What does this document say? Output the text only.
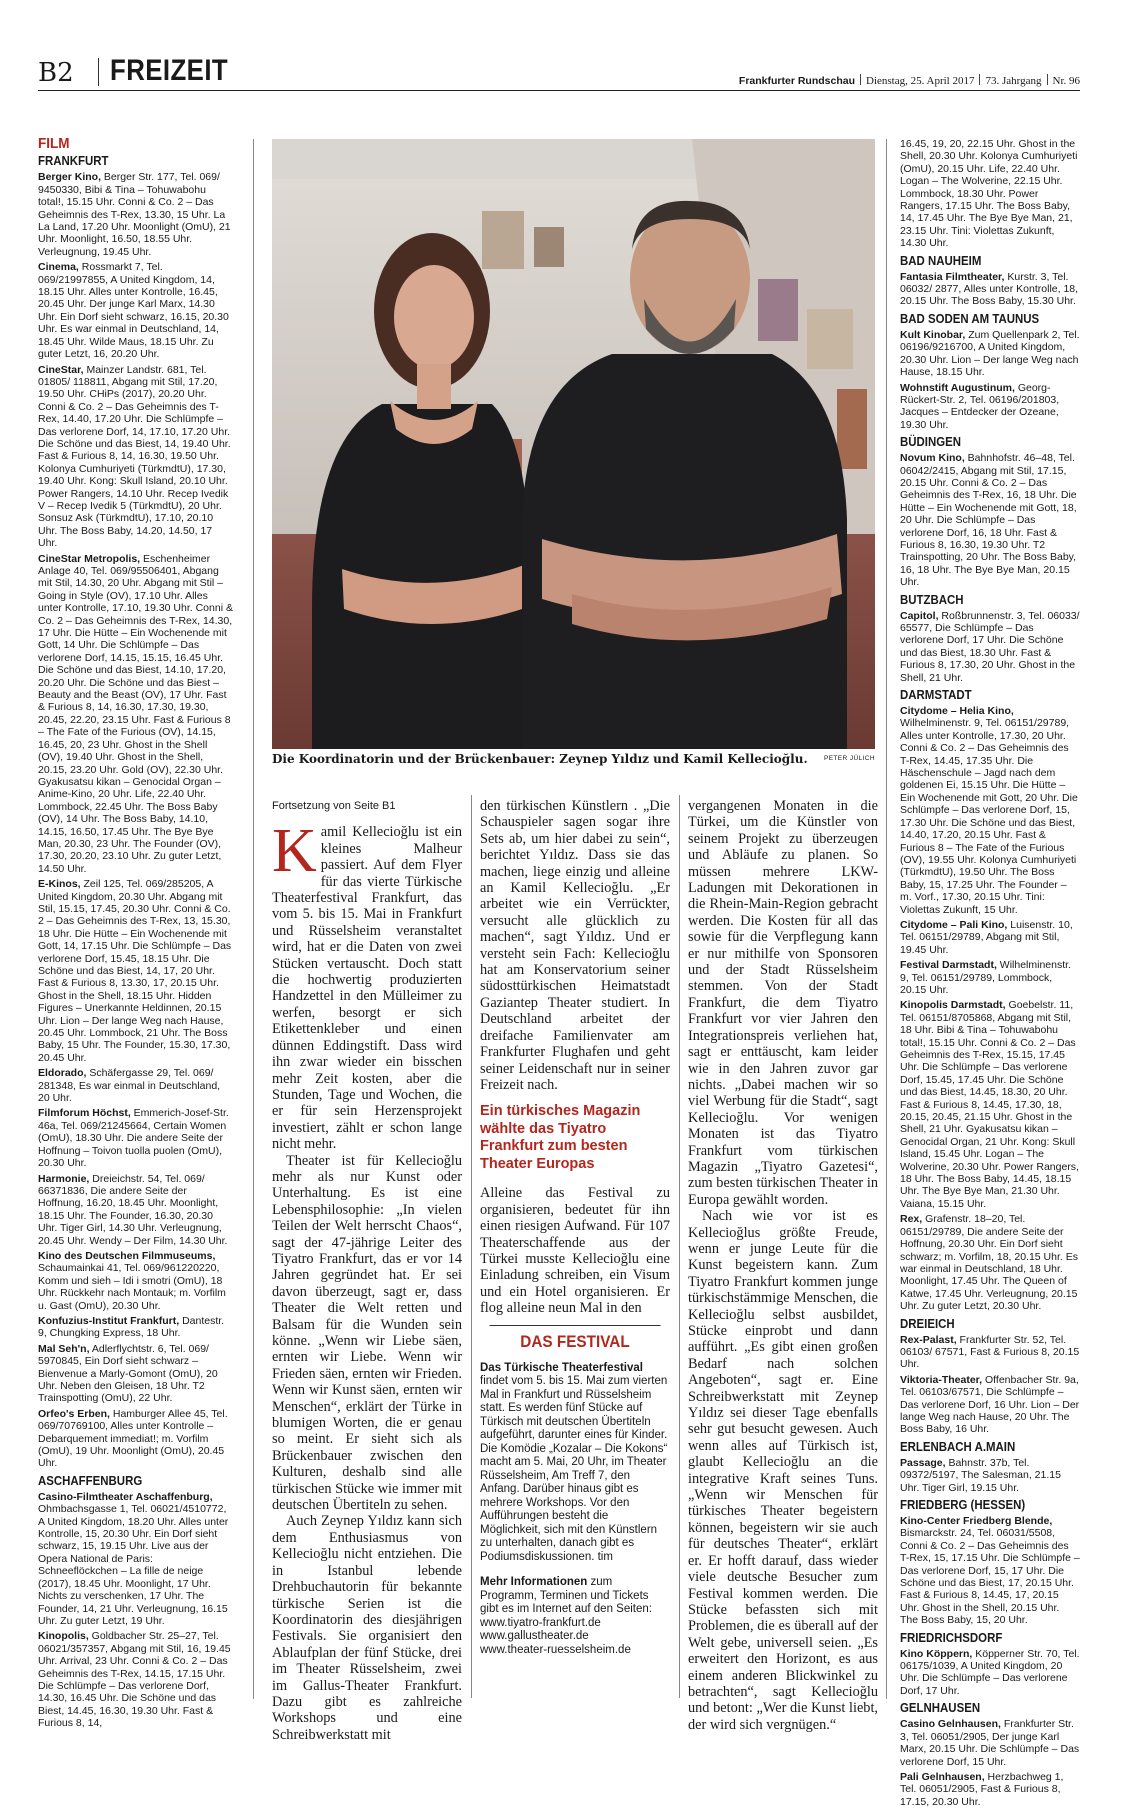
B2 FREIZEIT	Frankfurter Rundschau Dienstag, 25. April 2017 73. Jahrgang Nr. 96
FILM
FRANKFURT

Berger Kino, Berger Str. 177, Tel. 069/ 9450330, Bibi & Tina – Tohuwabohu total!, 15.15 Uhr. Conni & Co. 2 – Das Geheimnis des T-Rex, 13.30, 15 Uhr. La La Land, 17.20 Uhr. Moonlight (OmU), 21 Uhr. Moonlight, 16.50, 18.55 Uhr. Verleugnung, 19.45 Uhr.

Cinema, Rossmarkt 7, Tel. 069/21997855, A United Kingdom, 14, 18.15 Uhr. Alles unter Kontrolle, 16.45, 20.45 Uhr. Der junge Karl Marx, 14.30 Uhr. Ein Dorf sieht schwarz, 16.15, 20.30 Uhr. Es war einmal in Deutschland, 14, 18.45 Uhr. Wilde Maus, 18.15 Uhr. Zu guter Letzt, 16, 20.20 Uhr.

CineStar, Mainzer Landstr. 681, Tel. 01805/ 118811, Abgang mit Stil, 17.20, 19.50 Uhr. CHiPs (2017), 20.20 Uhr. Conni & Co. 2 – Das Geheimnis des T-Rex, 14.40, 17.20 Uhr. Die Schlümpfe – Das verlorene Dorf, 14, 17.10, 17.20 Uhr. Die Schöne und das Biest, 14, 19.40 Uhr. Fast & Furious 8, 14, 16.30, 19.50 Uhr. Kolonya Cumhuriyeti (TürkmdtU), 17.30, 19.40 Uhr. Kong: Skull Island, 20.10 Uhr. Power Rangers, 14.10 Uhr. Recep Ivedik V – Recep Ivedik 5 (TürkmdtU), 20 Uhr. Sonsuz Ask (TürkmdtU), 17.10, 20.10 Uhr. The Boss Baby, 14.20, 14.50, 17 Uhr.

CineStar Metropolis, Eschenheimer Anlage 40, Tel. 069/95506401, Abgang mit Stil, 14.30, 20 Uhr. Abgang mit Stil – Going in Style (OV), 17.10 Uhr. Alles unter Kontrolle, 17.10, 19.30 Uhr. Conni & Co. 2 – Das Geheimnis des T-Rex, 14.30, 17 Uhr. Die Hütte – Ein Wochenende mit Gott, 14 Uhr. Die Schlümpfe – Das verlorene Dorf, 14.15, 15.15, 16.45 Uhr. Die Schöne und das Biest, 14.10, 17.20, 20.20 Uhr. Die Schöne und das Biest – Beauty and the Beast (OV), 17 Uhr. Fast & Furious 8, 14, 16.30, 17.30, 19.30, 20.45, 22.20, 23.15 Uhr. Fast & Furious 8 – The Fate of the Furious (OV), 14.15, 16.45, 20, 23 Uhr. Ghost in the Shell (OV), 19.40 Uhr. Ghost in the Shell, 20.15, 23.20 Uhr. Gold (OV), 22.30 Uhr. Gyakusatsu kikan – Genocidal Organ – Anime-Kino, 20 Uhr. Life, 22.40 Uhr. Lommbock, 22.45 Uhr. The Boss Baby (OV), 14 Uhr. The Boss Baby, 14.10, 14.15, 16.50, 17.45 Uhr. The Bye Bye Man, 20.30, 23 Uhr. The Founder (OV), 17.30, 20.20, 23.10 Uhr. Zu guter Letzt, 14.50 Uhr.

E-Kinos, Zeil 125, Tel. 069/285205, A United Kingdom, 20.30 Uhr. Abgang mit Stil, 15.15, 17.45, 20.30 Uhr. Conni & Co. 2 – Das Geheimnis des T-Rex, 13, 15.30, 18 Uhr. Die Hütte – Ein Wochenende mit Gott, 14, 17.15 Uhr. Die Schlümpfe – Das verlorene Dorf, 15.45, 18.15 Uhr. Die Schöne und das Biest, 14, 17, 20 Uhr. Fast & Furious 8, 13.30, 17, 20.15 Uhr. Ghost in the Shell, 18.15 Uhr. Hidden Figures – Unerkannte Heldinnen, 20.15 Uhr. Lion – Der lange Weg nach Hause, 20.45 Uhr. Lommbock, 21 Uhr. The Boss Baby, 15 Uhr. The Founder, 15.30, 17.30, 20.45 Uhr.

Eldorado, Schäfergasse 29, Tel. 069/ 281348, Es war einmal in Deutschland, 20 Uhr.

Filmforum Höchst, Emmerich-Josef-Str. 46a, Tel. 069/21245664, Certain Women (OmU), 18.30 Uhr. Die andere Seite der Hoffnung – Toivon tuolla puolen (OmU), 20.30 Uhr.

Harmonie, Dreieichstr. 54, Tel. 069/ 66371836, Die andere Seite der Hoffnung, 16.20, 18.45 Uhr. Moonlight, 18.15 Uhr. The Founder, 16.30, 20.30 Uhr. Tiger Girl, 14.30 Uhr. Verleugnung, 20.45 Uhr. Wendy – Der Film, 14.30 Uhr.

Kino des Deutschen Filmmuseums, Schaumainkai 41, Tel. 069/961220220, Komm und sieh – Idi i smotri (OmU), 18 Uhr. Rückkehr nach Montauk; m. Vorfilm u. Gast (OmU), 20.30 Uhr.

Konfuzius-Institut Frankfurt, Dantestr. 9, Chungking Express, 18 Uhr.

Mal Seh'n, Adlerflychtstr. 6, Tel. 069/ 5970845, Ein Dorf sieht schwarz – Bienvenue a Marly-Gomont (OmU), 20 Uhr. Neben den Gleisen, 18 Uhr. T2 Trainspotting (OmU), 22 Uhr.

Orfeo's Erben, Hamburger Allee 45, Tel. 069/70769100, Alles unter Kontrolle – Debarquement immediat!; m. Vorfilm (OmU), 19 Uhr. Moonlight (OmU), 20.45 Uhr.

ASCHAFFENBURG

Casino-Filmtheater Aschaffenburg, Ohmbachsgasse 1, Tel. 06021/4510772, A United Kingdom, 18.20 Uhr. Alles unter Kontrolle, 15, 20.30 Uhr. Ein Dorf sieht schwarz, 15, 19.15 Uhr. Live aus der Opera National de Paris: Schneeflöckchen – La fille de neige (2017), 18.45 Uhr. Moonlight, 17 Uhr. Nichts zu verschenken, 17 Uhr. The Founder, 14, 21 Uhr. Verleugnung, 16.15 Uhr. Zu guter Letzt, 19 Uhr.

Kinopolis, Goldbacher Str. 25–27, Tel. 06021/357357, Abgang mit Stil, 16, 19.45 Uhr. Arrival, 23 Uhr. Conni & Co. 2 – Das Geheimnis des T-Rex, 14.15, 17.15 Uhr. Die Schlümpfe – Das verlorene Dorf, 14.30, 16.45 Uhr. Die Schöne und das Biest, 14.45, 16.30, 19.30 Uhr. Fast & Furious 8, 14,

Die Koordinatorin und der Brückenbauer: Zeynep Yıldız und Kamil Kellecioğlu.	PETER JÜLICH
Fortsetzung von Seite B1

Kamil Kellecioğlu ist ein kleines Malheur passiert. Auf dem Flyer für das vierte Türkische Theaterfestival Frankfurt, das vom 5. bis 15. Mai in Frankfurt und Rüsselsheim veranstaltet wird, hat er die Daten von zwei Stücken vertauscht. Doch statt die hochwertig produzierten Handzettel in den Mülleimer zu werfen, besorgt er sich Etikettenkleber und einen dünnen Eddingstift. Dass wird ihn zwar wieder ein bisschen mehr Zeit kosten, aber die Stunden, Tage und Wochen, die er für sein Herzensprojekt investiert, zählt er schon lange nicht mehr.

Theater ist für Kellecioğlu mehr als nur Kunst oder Unterhaltung. Es ist eine Lebensphilosophie: „In vielen Teilen der Welt herrscht Chaos“, sagt der 47-jährige Leiter des Tiyatro Frankfurt, das er vor 14 Jahren gegründet hat. Er sei davon überzeugt, sagt er, dass Theater die Welt retten und Balsam für die Wunden sein könne. „Wenn wir Liebe säen, ernten wir Liebe. Wenn wir Frieden säen, ernten wir Frieden. Wenn wir Kunst säen, ernten wir Menschen“, erklärt der Türke in blumigen Worten, die er genau so meint. Er sieht sich als Brückenbauer zwischen den Kulturen, deshalb sind alle türkischen Stücke wie immer mit deutschen Übertiteln zu sehen.

Auch Zeynep Yıldız kann sich dem Enthusiasmus von Kellecioğlu nicht entziehen. Die in Istanbul lebende Drehbuchautorin für bekannte türkische Serien ist die Koordinatorin des diesjährigen Festivals. Sie organisiert den Ablaufplan der fünf Stücke, drei im Theater Rüsselsheim, zwei im Gallus-Theater Frankfurt. Dazu gibt es zahlreiche Workshops und eine Schreibwerkstatt mit

den türkischen Künstlern . „Die Schauspieler sagen sogar ihre Sets ab, um hier dabei zu sein“, berichtet Yıldız. Dass sie das machen, liege einzig und alleine an Kamil Kellecioğlu. „Er arbeitet wie ein Verrückter, versucht alle glücklich zu machen“, sagt Yıldız. Und er versteht sein Fach: Kellecioğlu hat am Konservatorium seiner südosttürkischen Heimatstadt Gaziantep Theater studiert. In Deutschland arbeitet der dreifache Familienvater am Frankfurter Flughafen und geht seiner Leidenschaft nur in seiner Freizeit nach.

Ein türkisches Magazin wählte das Tiyatro Frankfurt zum besten Theater Europas

Alleine das Festival zu organisieren, bedeutet für ihn einen riesigen Aufwand. Für 107 Theaterschaffende aus der Türkei musste Kellecioğlu eine Einladung schreiben, ein Visum und ein Hotel organisieren. Er flog alleine neun Mal in den

DAS FESTIVAL

Das Türkische Theaterfestival findet vom 5. bis 15. Mai zum vierten Mal in Frankfurt und Rüsselsheim statt. Es werden fünf Stücke auf Türkisch mit deutschen Übertiteln aufgeführt, darunter eines für Kinder. Die Komödie „Kozalar – Die Kokons“ macht am 5. Mai, 20 Uhr, im Theater Rüsselsheim, Am Treff 7, den Anfang. Darüber hinaus gibt es mehrere Workshops. Vor den Aufführungen besteht die Möglichkeit, sich mit den Künstlern zu unterhalten, danach gibt es Podiumsdiskussionen. tim

Mehr Informationen zum Programm, Terminen und Tickets gibt es im Internet auf den Seiten:
www.tiyatro-frankfurt.de
www.gallustheater.de
www.theater-ruesselsheim.de

vergangenen Monaten in die Türkei, um die Künstler von seinem Projekt zu überzeugen und Abläufe zu planen. So müssen mehrere LKW-Ladungen mit Dekorationen in die Rhein-Main-Region gebracht werden. Die Kosten für all das sowie für die Verpflegung kann er nur mithilfe von Sponsoren und der Stadt Rüsselsheim stemmen. Von der Stadt Frankfurt, die dem Tiyatro Frankfurt vor vier Jahren den Integrationspreis verliehen hat, sagt er enttäuscht, kam leider wie in den Jahren zuvor gar nichts. „Dabei machen wir so viel Werbung für die Stadt“, sagt Kellecioğlu. Vor wenigen Monaten ist das Tiyatro Frankfurt vom türkischen Magazin „Tiyatro Gazetesi“, zum besten türkischen Theater in Europa gewählt worden.

Nach wie vor ist es Kellecioğlus größte Freude, wenn er junge Leute für die Kunst begeistern kann. Zum Tiyatro Frankfurt kommen junge türkischstämmige Menschen, die Kellecioğlu selbst ausbildet, Stücke einprobt und dann aufführt. „Es gibt einen großen Bedarf nach solchen Angeboten“, sagt er. Eine Schreibwerkstatt mit Zeynep Yıldız sei dieser Tage ebenfalls sehr gut besucht gewesen. Auch wenn alles auf Türkisch ist, glaubt Kellecioğlu an die integrative Kraft seines Tuns. „Wenn wir Menschen für türkisches Theater begeistern können, begeistern wir sie auch für deutsches Theater“, erklärt er. Er hofft darauf, dass wieder viele deutsche Besucher zum Festival kommen werden. Die Stücke befassten sich mit Problemen, die es überall auf der Welt gebe, universell seien. „Es erweitert den Horizont, es aus einem anderen Blickwinkel zu betrachten“, sagt Kellecioğlu und betont: „Wer die Kunst liebt, der wird sich vergnügen.“

16.45, 19, 20, 22.15 Uhr. Ghost in the Shell, 20.30 Uhr. Kolonya Cumhuriyeti (OmU), 20.15 Uhr. Life, 22.40 Uhr. Logan – The Wolverine, 22.15 Uhr. Lommbock, 18.30 Uhr. Power Rangers, 17.15 Uhr. The Boss Baby, 14, 17.45 Uhr. The Bye Bye Man, 21, 23.15 Uhr. Tini: Violettas Zukunft, 14.30 Uhr.

BAD NAUHEIM

Fantasia Filmtheater, Kurstr. 3, Tel. 06032/ 2877, Alles unter Kontrolle, 18, 20.15 Uhr. The Boss Baby, 15.30 Uhr.

BAD SODEN AM TAUNUS

Kult Kinobar, Zum Quellenpark 2, Tel. 06196/9216700, A United Kingdom, 20.30 Uhr. Lion – Der lange Weg nach Hause, 18.15 Uhr.

Wohnstift Augustinum, Georg-Rückert-Str. 2, Tel. 06196/201803, Jacques – Entdecker der Ozeane, 19.30 Uhr.

BÜDINGEN

Novum Kino, Bahnhofstr. 46–48, Tel. 06042/2415, Abgang mit Stil, 17.15, 20.15 Uhr. Conni & Co. 2 – Das Geheimnis des T-Rex, 16, 18 Uhr. Die Hütte – Ein Wochenende mit Gott, 18, 20 Uhr. Die Schlümpfe – Das verlorene Dorf, 16, 18 Uhr. Fast & Furious 8, 16.30, 19.30 Uhr. T2 Trainspotting, 20 Uhr. The Boss Baby, 16, 18 Uhr. The Bye Bye Man, 20.15 Uhr.

BUTZBACH

Capitol, Roßbrunnenstr. 3, Tel. 06033/ 65577, Die Schlümpfe – Das verlorene Dorf, 17 Uhr. Die Schöne und das Biest, 18.30 Uhr. Fast & Furious 8, 17.30, 20 Uhr. Ghost in the Shell, 21 Uhr.

DARMSTADT

Citydome – Helia Kino, Wilhelminenstr. 9, Tel. 06151/29789, Alles unter Kontrolle, 17.30, 20 Uhr. Conni & Co. 2 – Das Geheimnis des T-Rex, 14.45, 17.35 Uhr. Die Häschenschule – Jagd nach dem goldenen Ei, 15.15 Uhr. Die Hütte – Ein Wochenende mit Gott, 20 Uhr. Die Schlümpfe – Das verlorene Dorf, 15, 17.30 Uhr. Die Schöne und das Biest, 14.40, 17.20, 20.15 Uhr. Fast & Furious 8 – The Fate of the Furious (OV), 19.55 Uhr. Kolonya Cumhuriyeti (TürkmdtU), 19.50 Uhr. The Boss Baby, 15, 17.25 Uhr. The Founder – m. Vorf., 17.30, 20.15 Uhr. Tini: Violettas Zukunft, 15 Uhr.

Citydome – Pali Kino, Luisenstr. 10, Tel. 06151/29789, Abgang mit Stil, 19.45 Uhr.

Festival Darmstadt, Wilhelminenstr. 9, Tel. 06151/29789, Lommbock, 20.15 Uhr.

Kinopolis Darmstadt, Goebelstr. 11, Tel. 06151/8705868, Abgang mit Stil, 18 Uhr. Bibi & Tina – Tohuwabohu total!, 15.15 Uhr. Conni & Co. 2 – Das Geheimnis des T-Rex, 15.15, 17.45 Uhr. Die Schlümpfe – Das verlorene Dorf, 15.45, 17.45 Uhr. Die Schöne und das Biest, 14.45, 18.30, 20 Uhr. Fast & Furious 8, 14.45, 17.30, 18, 20.15, 20.45, 21.15 Uhr. Ghost in the Shell, 21 Uhr. Gyakusatsu kikan – Genocidal Organ, 21 Uhr. Kong: Skull Island, 15.45 Uhr. Logan – The Wolverine, 20.30 Uhr. Power Rangers, 18 Uhr. The Boss Baby, 14.45, 18.15 Uhr. The Bye Bye Man, 21.30 Uhr. Vaiana, 15.15 Uhr.

Rex, Grafenstr. 18–20, Tel. 06151/29789, Die andere Seite der Hoffnung, 20.30 Uhr. Ein Dorf sieht schwarz; m. Vorfilm, 18, 20.15 Uhr. Es war einmal in Deutschland, 18 Uhr. Moonlight, 17.45 Uhr. The Queen of Katwe, 17.45 Uhr. Verleugnung, 20.15 Uhr. Zu guter Letzt, 20.30 Uhr.

DREIEICH

Rex-Palast, Frankfurter Str. 52, Tel. 06103/ 67571, Fast & Furious 8, 20.15 Uhr.

Viktoria-Theater, Offenbacher Str. 9a, Tel. 06103/67571, Die Schlümpfe – Das verlorene Dorf, 16 Uhr. Lion – Der lange Weg nach Hause, 20 Uhr. The Boss Baby, 16 Uhr.

ERLENBACH A.MAIN

Passage, Bahnstr. 37b, Tel. 09372/5197, The Salesman, 21.15 Uhr. Tiger Girl, 19.15 Uhr.

FRIEDBERG (HESSEN)

Kino-Center Friedberg Blende, Bismarckstr. 24, Tel. 06031/5508, Conni & Co. 2 – Das Geheimnis des T-Rex, 15, 17.15 Uhr. Die Schlümpfe – Das verlorene Dorf, 15, 17 Uhr. Die Schöne und das Biest, 17, 20.15 Uhr. Fast & Furious 8, 14.45, 17, 20.15 Uhr. Ghost in the Shell, 20.15 Uhr. The Boss Baby, 15, 20 Uhr.

FRIEDRICHSDORF

Kino Köppern, Köpperner Str. 70, Tel. 06175/1039, A United Kingdom, 20 Uhr. Die Schlümpfe – Das verlorene Dorf, 17 Uhr.

GELNHAUSEN

Casino Gelnhausen, Frankfurter Str. 3, Tel. 06051/2905, Der junge Karl Marx, 20.15 Uhr. Die Schlümpfe – Das verlorene Dorf, 15 Uhr.

Pali Gelnhausen, Herzbachweg 1, Tel. 06051/2905, Fast & Furious 8, 17.15, 20.30 Uhr.
